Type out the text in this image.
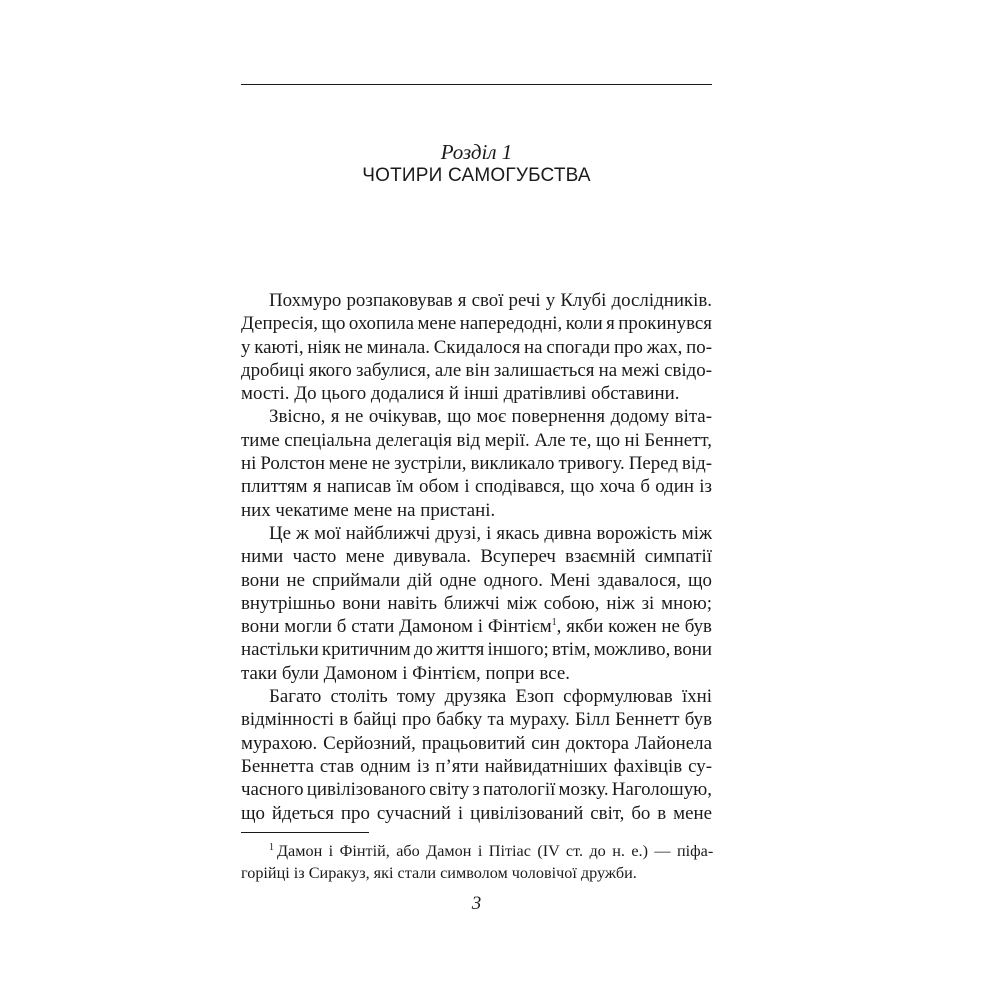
Розділ 1
ЧОТИРИ САМОГУБСТВА

Похмуро розпаковував я свої речі у Клубі дослідників.
Депресія, що охопила мене напередодні, коли я прокинувся
у каюті, ніяк не минала. Скидалося на спогади про жах, по-
дробиці якого забулися, але він залишається на межі свідо-
мості. До цього додалися й інші дратівливі обставини.

Звісно, я не очікував, що моє повернення додому віта-
тиме спеціальна делегація від мерії. Але те, що ні Беннетт,
ні Ролстон мене не зустріли, викликало тривогу. Перед від-
плиттям я написав їм обом і сподівався, що хоча б один із
них чекатиме мене на пристані.

Це ж мої найближчі друзі, і якась дивна ворожість між
ними часто мене дивувала. Всупереч взаємній симпатії
вони не сприймали дій одне одного. Мені здавалося, що
внутрішньо вони навіть ближчі між собою, ніж зі мною;
вони могли б стати Дамоном і Фінтієм$^1$, якби кожен не був
настільки критичним до життя іншого; втім, можливо, вони
таки були Дамоном і Фінтієм, попри все.

Багато століть тому друзяка Езоп сформулював їхні
відмінності в байці про бабку та мураху. Білл Беннетт був
мурахою. Серйозний, працьовитий син доктора Лайонела
Беннетта став одним із п’яти найвидатніших фахівців су-
часного цивілізованого світу з патології мозку. Наголошую,
що йдеться про сучасний і цивілізований світ, бо в мене

$^1$ Дамон і Фінтій, або Дамон і Пітіас (IV ст. до н. е.) — піфа-
горійці із Сиракуз, які стали символом чоловічої дружби.
3
